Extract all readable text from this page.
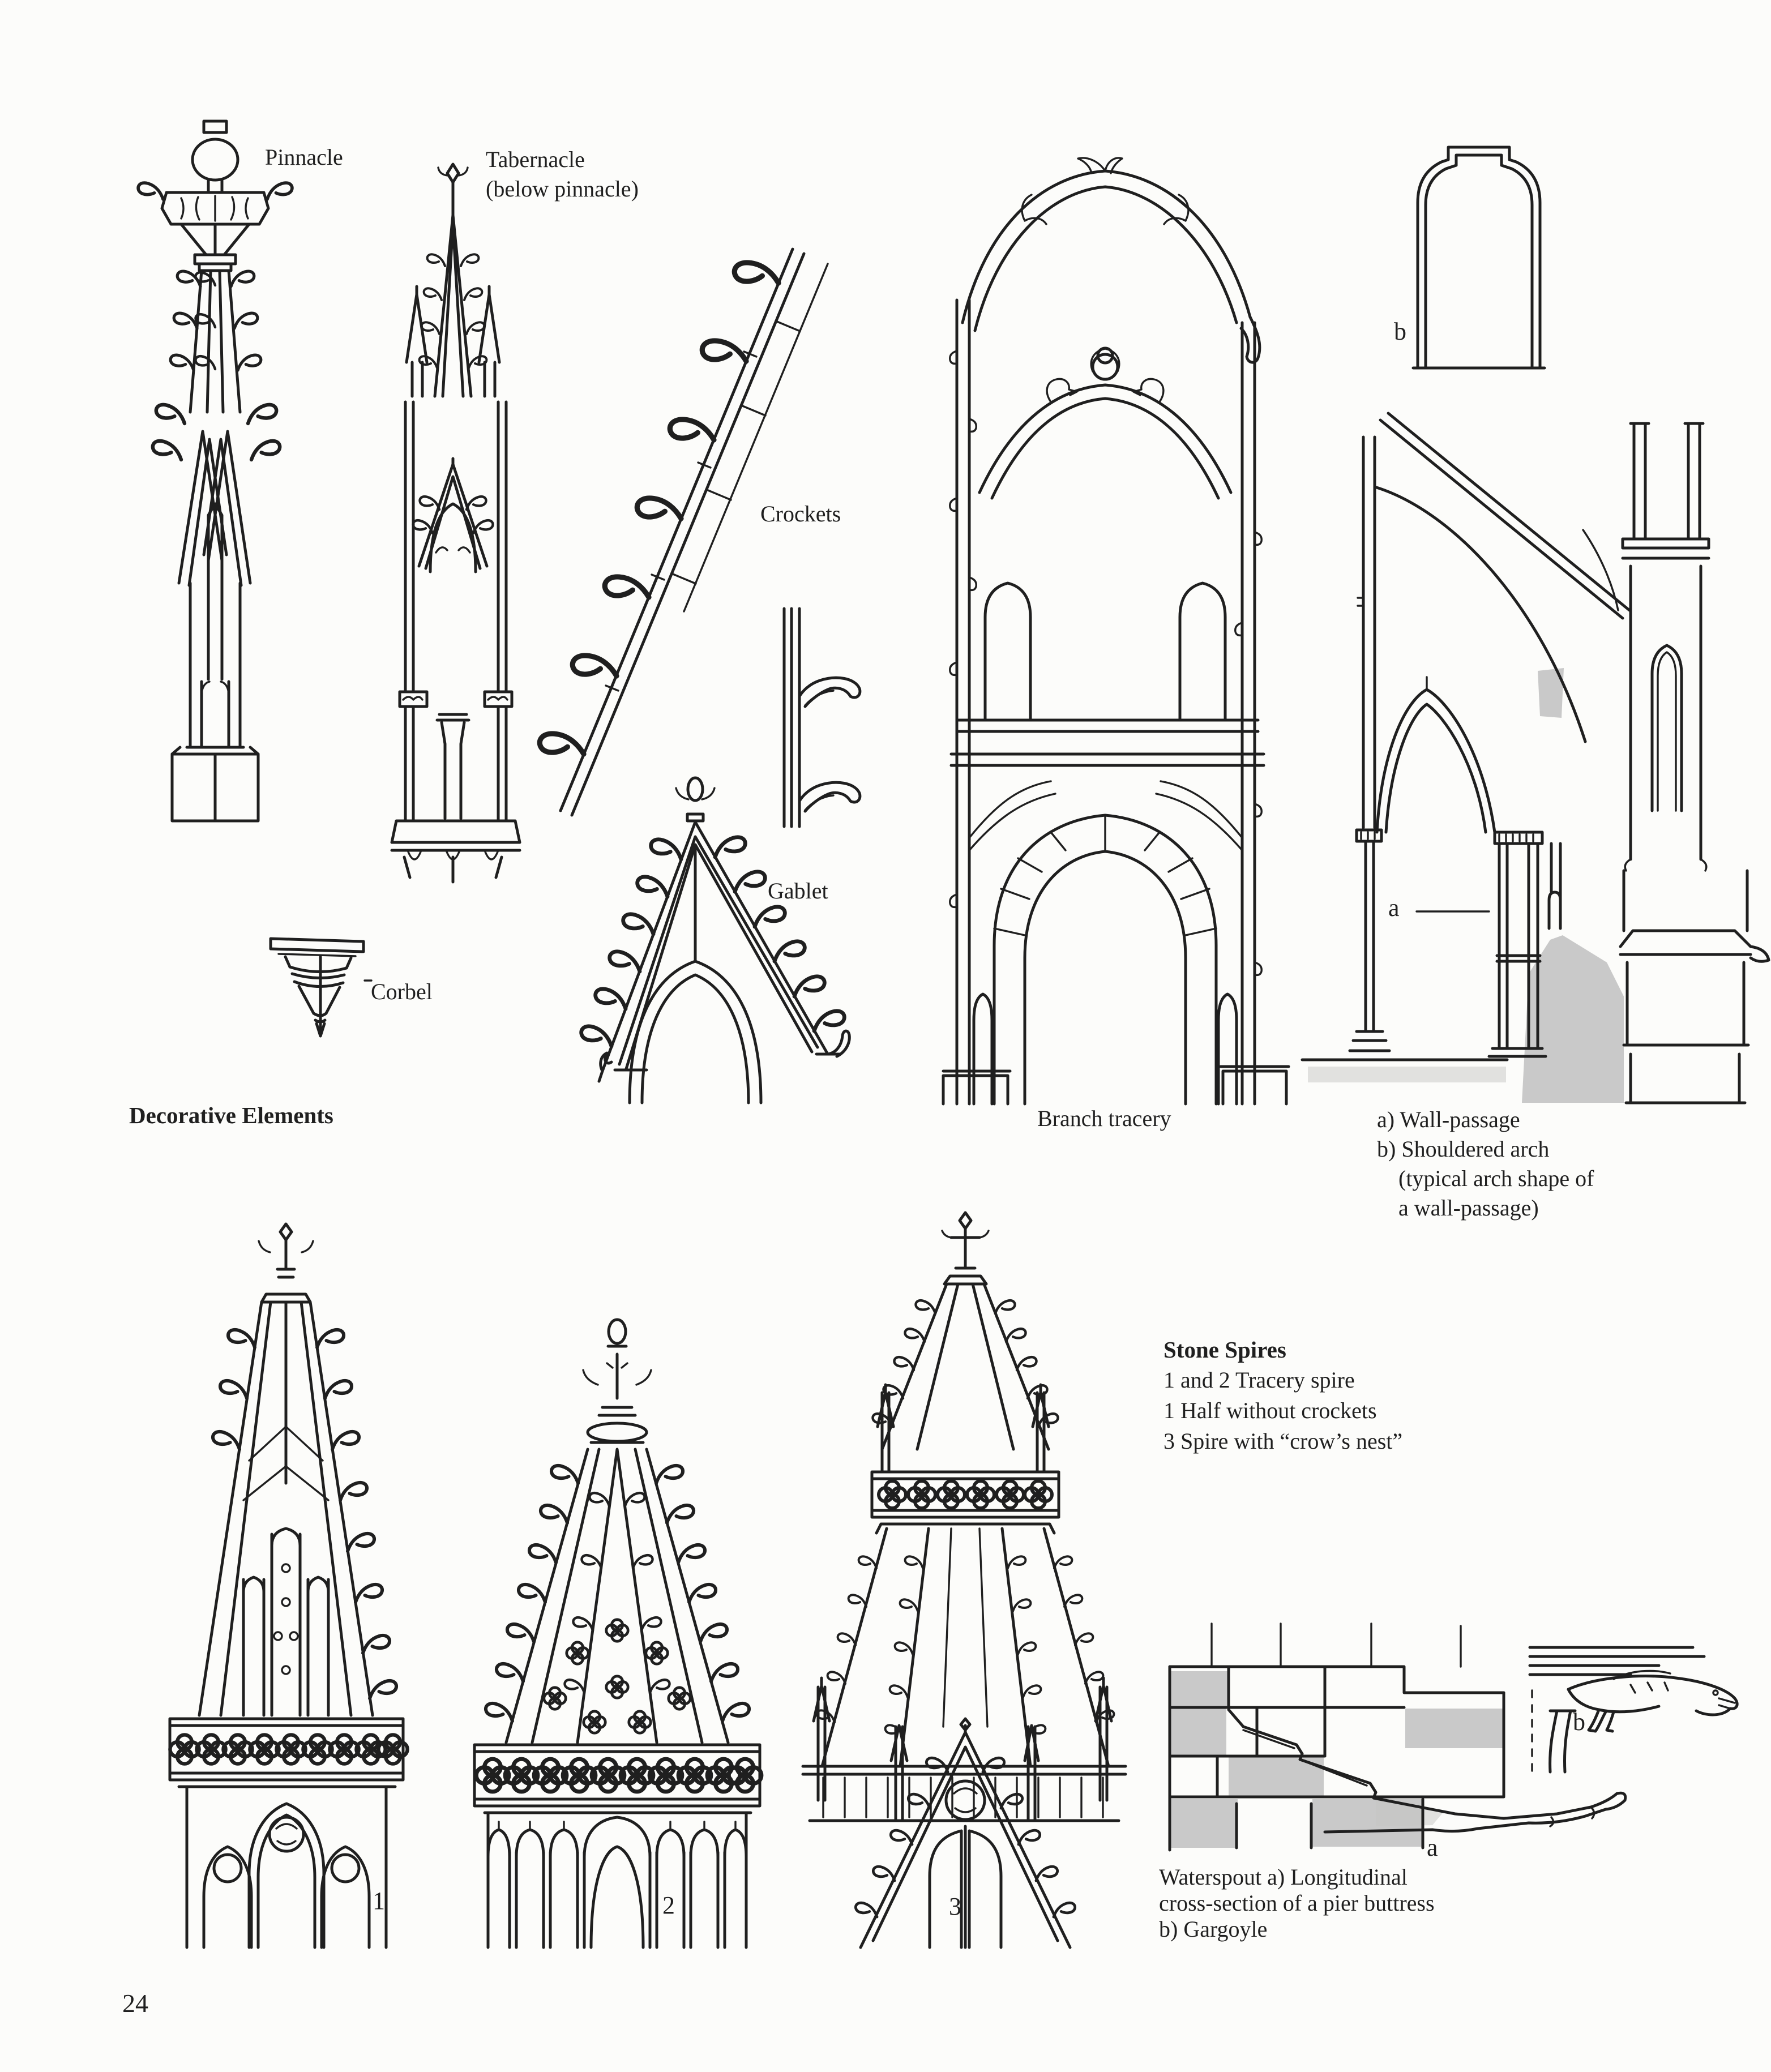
Pinnacle	Tabernacle
(below pinnacle)
Crockets
Gablet
Corbel
Decorative Elements	Branch tracery	a) Wall-passage
b) Shouldered arch
(typical arch shape of
a wall-passage)
Stone Spires
1 and 2 Tracery spire
1 Half without crockets
3 Spire with “crow’s nest”
Waterspout a) Longitudinal
cross-section of a pier buttress
b) Gargoyle
b
a
1	2	3
a
b
24
